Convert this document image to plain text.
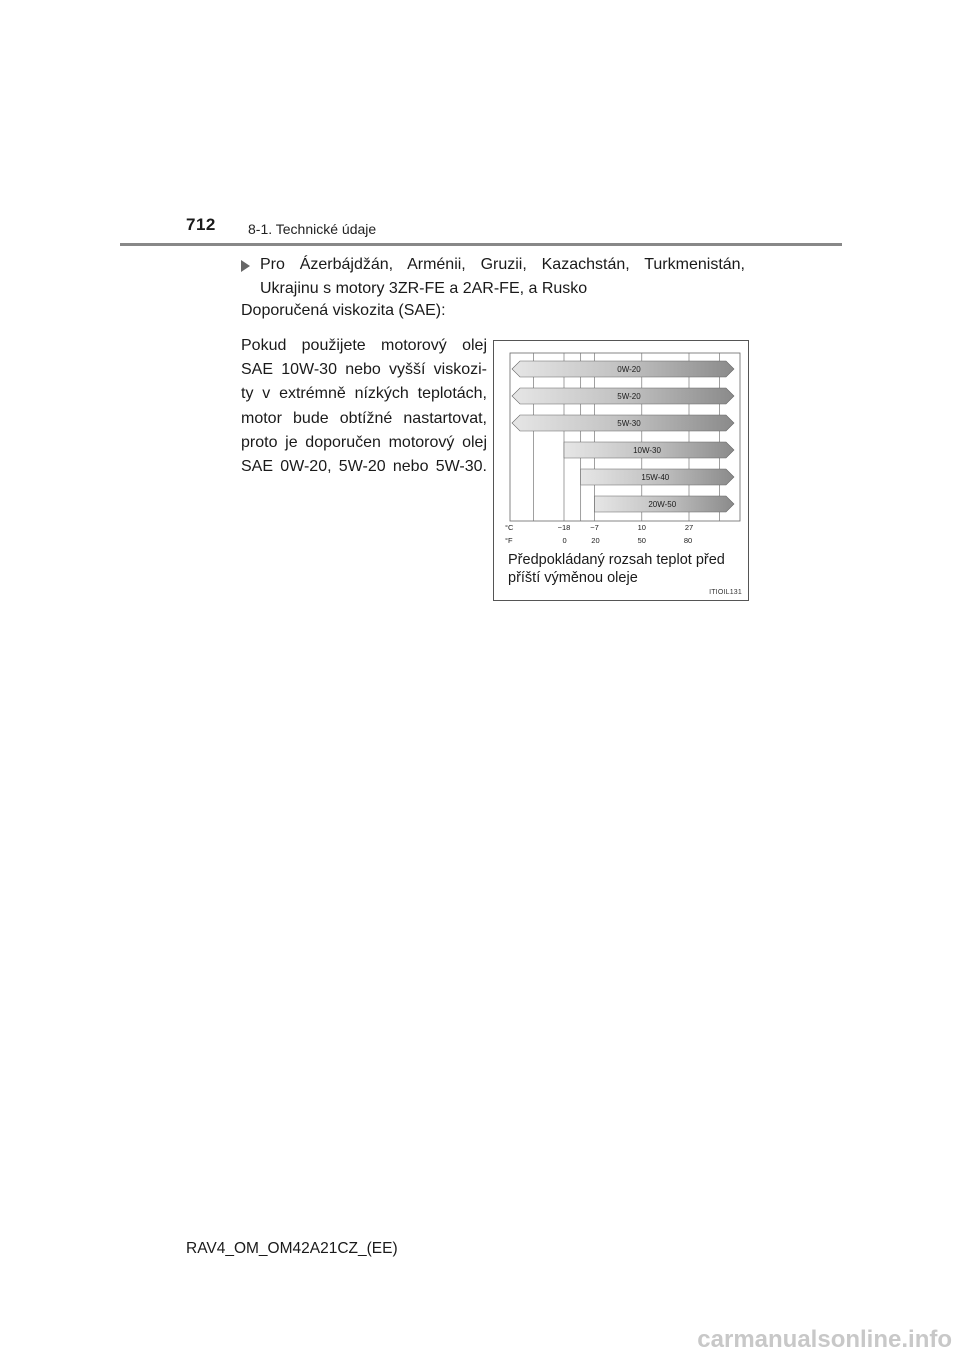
712 8-1. Technické údaje
Pro Ázerbájdžán, Arménii, Gruzii, Kazachstán, Turkmenistán,
Ukrajinu s motory 3ZR-FE a 2AR-FE, a Rusko
Doporučená viskozita (SAE):
Pokud použijete motorový olej
SAE 10W-30 nebo vyšší viskozi-
ty v extrémně nízkých teplotách,
motor bude obtížné nastartovat,
proto je doporučen motorový olej
SAE 0W-20, 5W-20 nebo 5W-30.
0W-20
5W-20
5W-30
10W-30
15W-40
20W-50
°C
°F
−18	−7	10	27
0	20	50	80
Předpokládaný rozsah teplot před příští výměnou oleje
ITIOIL131
RAV4_OM_OM42A21CZ_(EE)
carmanualsonline.info
